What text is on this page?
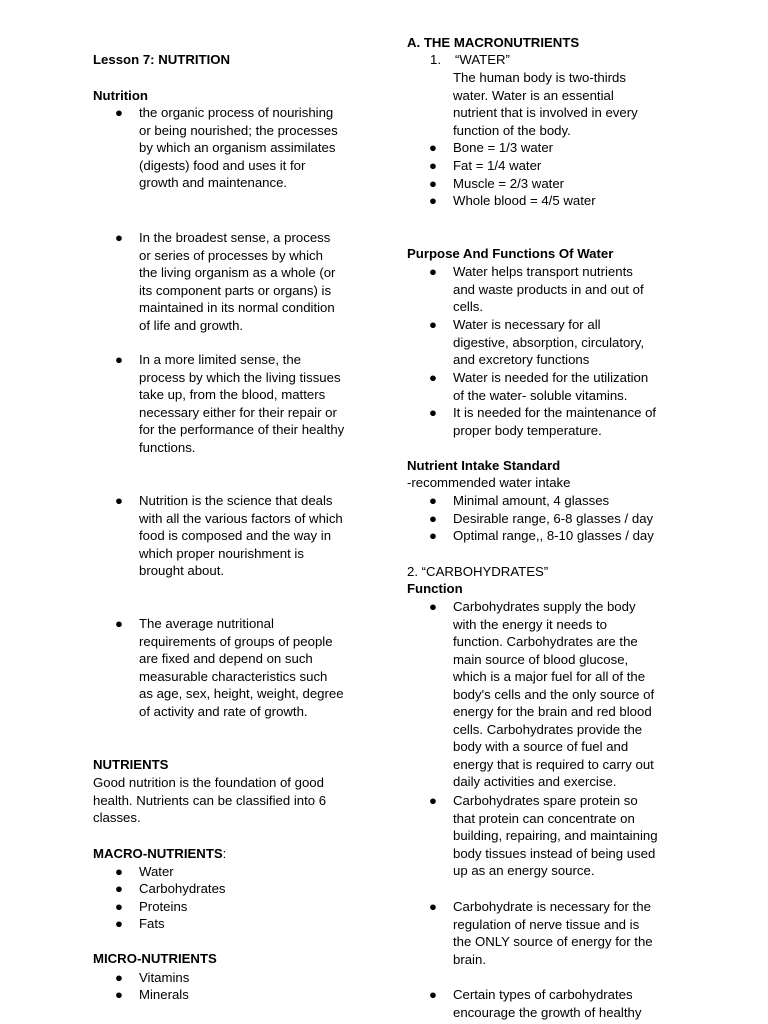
Lesson 7: NUTRITION
Nutrition
● the organic process of nourishing
or being nourished; the processes
by which an organism assimilates
(digests) food and uses it for
growth and maintenance.
● In the broadest sense, a process
or series of processes by which
the living organism as a whole (or
its component parts or organs) is
maintained in its normal condition
of life and growth.
● In a more limited sense, the
process by which the living tissues
take up, from the blood, matters
necessary either for their repair or
for the performance of their healthy
functions.
● Nutrition is the science that deals
with all the various factors of which
food is composed and the way in
which proper nourishment is
brought about.
● The average nutritional
requirements of groups of people
are fixed and depend on such
measurable characteristics such
as age, sex, height, weight, degree
of activity and rate of growth.
NUTRIENTS
Good nutrition is the foundation of good
health. Nutrients can be classified into 6
classes.
MACRO-NUTRIENTS:
● Water
● Carbohydrates
● Proteins
● Fats
MICRO-NUTRIENTS
● Vitamins
● Minerals
A. THE MACRONUTRIENTS
1. “WATER”
The human body is two-thirds
water. Water is an essential
nutrient that is involved in every
function of the body.
● Bone = 1/3 water
● Fat = 1/4 water
● Muscle = 2/3 water
● Whole blood = 4/5 water
Purpose And Functions Of Water
● Water helps transport nutrients
and waste products in and out of
cells.
● Water is necessary for all
digestive, absorption, circulatory,
and excretory functions
● Water is needed for the utilization
of the water- soluble vitamins.
● It is needed for the maintenance of
proper body temperature.
Nutrient Intake Standard
-recommended water intake
● Minimal amount, 4 glasses
● Desirable range, 6-8 glasses / day
● Optimal range,, 8-10 glasses / day
2. “CARBOHYDRATES”
Function
● Carbohydrates supply the body
with the energy it needs to
function. Carbohydrates are the
main source of blood glucose,
which is a major fuel for all of the
body's cells and the only source of
energy for the brain and red blood
cells. Carbohydrates provide the
body with a source of fuel and
energy that is required to carry out
daily activities and exercise.
● Carbohydrates spare protein so
that protein can concentrate on
building, repairing, and maintaining
body tissues instead of being used
up as an energy source.
● Carbohydrate is necessary for the
regulation of nerve tissue and is
the ONLY source of energy for the
brain.
● Certain types of carbohydrates
encourage the growth of healthy
